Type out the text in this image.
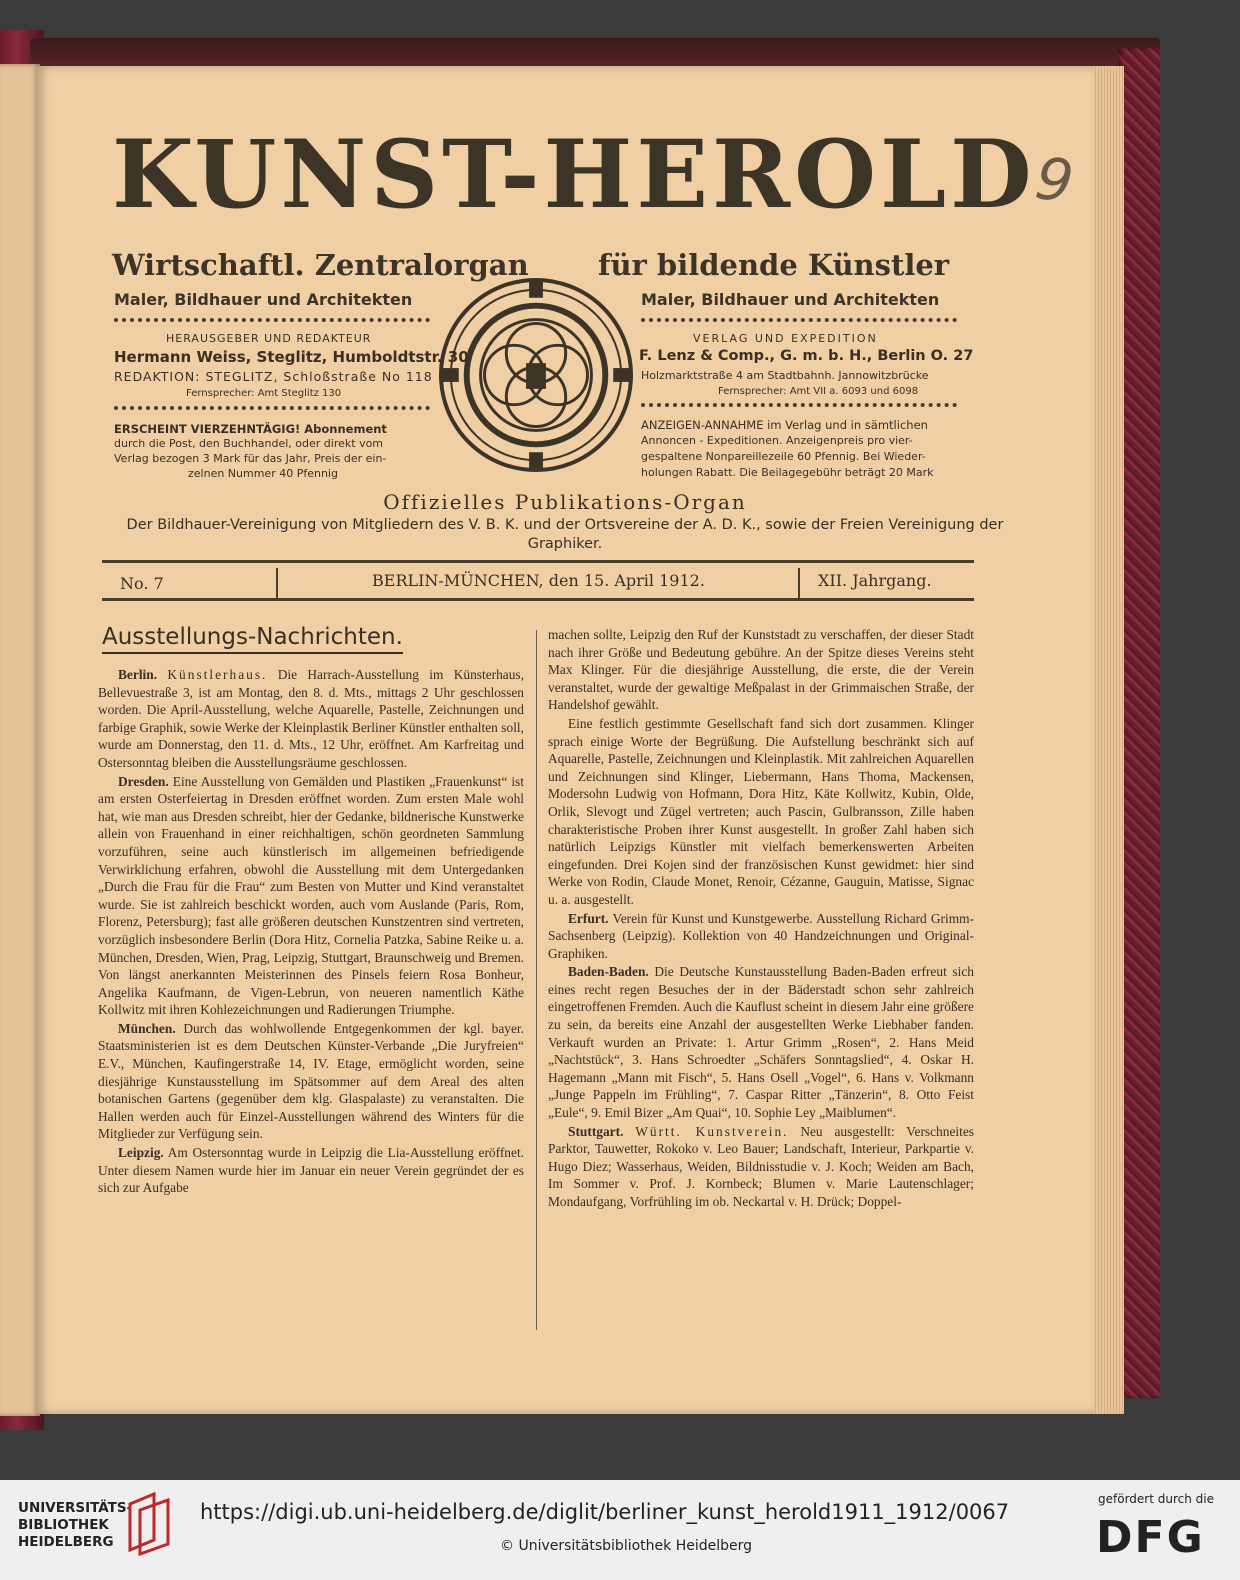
9
KUNST-HEROLD
Wirtschaftl. Zentralorgan für bildende Künstler
Maler, Bildhauer und Architekten	Maler, Bildhauer und Architekten
HERAUSGEBER UND REDAKTEUR
Hermann Weiss, Steglitz, Humboldtstr. 30
REDAKTION: STEGLITZ, Schloßstraße No 118
Fernsprecher: Amt Steglitz 130
VERLAG UND EXPEDITION
F. Lenz & Comp., G. m. b. H., Berlin O. 27
Holzmarktstraße 4 am Stadtbahnh. Jannowitzbrücke
Fernsprecher: Amt VII a. 6093 und 6098
ERSCHEINT VIERZEHNTÄGIG! Abonnement
durch die Post, den Buchhandel, oder direkt vom
Verlag bezogen 3 Mark für das Jahr, Preis der ein-
zelnen Nummer 40 Pfennig
ANZEIGEN-ANNAHME im Verlag und in sämtlichen
Annoncen - Expeditionen. Anzeigenpreis pro vier-
gespaltene Nonpareillezeile 60 Pfennig. Bei Wieder-
holungen Rabatt. Die Beilagegebühr beträgt 20 Mark
Offizielles Publikations-Organ
Der Bildhauer-Vereinigung von Mitgliedern des V. B. K. und der Ortsvereine der A. D. K., sowie der Freien Vereinigung der Graphiker.
No. 7	BERLIN-MÜNCHEN, den 15. April 1912.	XII. Jahrgang.
Ausstellungs-Nachrichten.

Berlin. Künstlerhaus. Die Harrach-Ausstellung im Künsterhaus, Bellevuestraße 3, ist am Montag, den 8. d. Mts., mittags 2 Uhr geschlossen worden. Die April-Ausstellung, welche Aquarelle, Pastelle, Zeichnungen und farbige Graphik, sowie Werke der Kleinplastik Berliner Künstler enthalten soll, wurde am Donnerstag, den 11. d. Mts., 12 Uhr, eröffnet. Am Karfreitag und Ostersonntag bleiben die Ausstellungsräume geschlossen.

Dresden. Eine Ausstellung von Gemälden und Plastiken „Frauenkunst“ ist am ersten Osterfeiertag in Dresden eröffnet worden. Zum ersten Male wohl hat, wie man aus Dresden schreibt, hier der Gedanke, bildnerische Kunstwerke allein von Frauenhand in einer reichhaltigen, schön geordneten Sammlung vorzuführen, seine auch künstlerisch im allgemeinen befriedigende Verwirklichung erfahren, obwohl die Ausstellung mit dem Untergedanken „Durch die Frau für die Frau“ zum Besten von Mutter und Kind veranstaltet wurde. Sie ist zahlreich beschickt worden, auch vom Auslande (Paris, Rom, Florenz, Petersburg); fast alle größeren deutschen Kunstzentren sind vertreten, vorzüglich insbesondere Berlin (Dora Hitz, Cornelia Patzka, Sabine Reike u. a. München, Dresden, Wien, Prag, Leipzig, Stuttgart, Braunschweig und Bremen. Von längst anerkannten Meisterinnen des Pinsels feiern Rosa Bonheur, Angelika Kaufmann, de Vigen-Lebrun, von neueren namentlich Käthe Kollwitz mit ihren Kohlezeichnungen und Radierungen Triumphe.

München. Durch das wohlwollende Entgegenkommen der kgl. bayer. Staatsministerien ist es dem Deutschen Künster-Verbande „Die Juryfreien“ E.V., München, Kaufingerstraße 14, IV. Etage, ermöglicht worden, seine diesjährige Kunstausstellung im Spätsommer auf dem Areal des alten botanischen Gartens (gegenüber dem klg. Glaspalaste) zu veranstalten. Die Hallen werden auch für Einzel-Ausstellungen während des Winters für die Mitglieder zur Verfügung sein.

Leipzig. Am Ostersonntag wurde in Leipzig die Lia-Ausstellung eröffnet. Unter diesem Namen wurde hier im Januar ein neuer Verein gegründet der es sich zur Aufgabe

machen sollte, Leipzig den Ruf der Kunststadt zu verschaffen, der dieser Stadt nach ihrer Größe und Bedeutung gebühre. An der Spitze dieses Vereins steht Max Klinger. Für die diesjährige Ausstellung, die erste, die der Verein veranstaltet, wurde der gewaltige Meßpalast in der Grimmaischen Straße, der Handelshof gewählt.

Eine festlich gestimmte Gesellschaft fand sich dort zusammen. Klinger sprach einige Worte der Begrüßung. Die Aufstellung beschränkt sich auf Aquarelle, Pastelle, Zeichnungen und Kleinplastik. Mit zahlreichen Aquarellen und Zeichnungen sind Klinger, Liebermann, Hans Thoma, Mackensen, Modersohn Ludwig von Hofmann, Dora Hitz, Käte Kollwitz, Kubin, Olde, Orlik, Slevogt und Zügel vertreten; auch Pascin, Gulbransson, Zille haben charakteristische Proben ihrer Kunst ausgestellt. In großer Zahl haben sich natürlich Leipzigs Künstler mit vielfach bemerkenswerten Arbeiten eingefunden. Drei Kojen sind der französischen Kunst gewidmet: hier sind Werke von Rodin, Claude Monet, Renoir, Cézanne, Gauguin, Matisse, Signac u. a. ausgestellt.

Erfurt. Verein für Kunst und Kunstgewerbe. Ausstellung Richard Grimm-Sachsenberg (Leipzig). Kollektion von 40 Handzeichnungen und Original-Graphiken.

Baden-Baden. Die Deutsche Kunstausstellung Baden-Baden erfreut sich eines recht regen Besuches der in der Bäderstadt schon sehr zahlreich eingetroffenen Fremden. Auch die Kauflust scheint in diesem Jahr eine größere zu sein, da bereits eine Anzahl der ausgestellten Werke Liebhaber fanden. Verkauft wurden an Private: 1. Artur Grimm „Rosen“, 2. Hans Meid „Nachtstück“, 3. Hans Schroedter „Schäfers Sonntagslied“, 4. Oskar H. Hagemann „Mann mit Fisch“, 5. Hans Osell „Vogel“, 6. Hans v. Volkmann „Junge Pappeln im Frühling“, 7. Caspar Ritter „Tänzerin“, 8. Otto Feist „Eule“, 9. Emil Bizer „Am Quai“, 10. Sophie Ley „Maiblumen“.

Stuttgart. Württ. Kunstverein. Neu ausgestellt: Verschneites Parktor, Tauwetter, Rokoko v. Leo Bauer; Landschaft, Interieur, Parkpartie v. Hugo Diez; Wasserhaus, Weiden, Bildnisstudie v. J. Koch; Weiden am Bach, Im Sommer v. Prof. J. Kornbeck; Blumen v. Marie Lautenschlager; Mondaufgang, Vorfrühling im ob. Neckartal v. H. Drück; Doppel-

UNIVERSITÄTS-
BIBLIOTHEK
HEIDELBERG
https://digi.ub.uni-heidelberg.de/diglit/berliner_kunst_herold1911_1912/0067
© Universitätsbibliothek Heidelberg
gefördert durch die
DFG
